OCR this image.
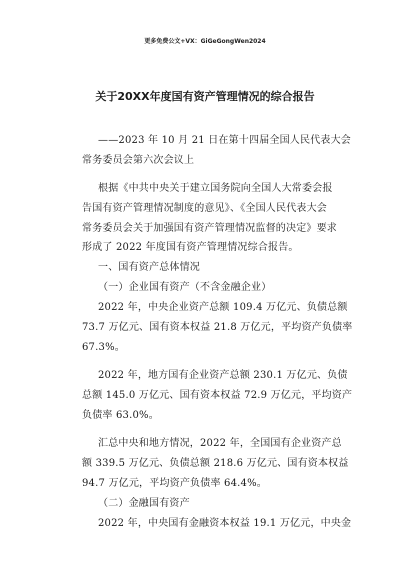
更多免费公文+VX：GiGeGongWen2024
关于20XX年度国有资产管理情况的综合报告
——2023 年 10 月 21 日在第十四届全国人民代表大会
常务委员会第六次会议上
根据《中共中央关于建立国务院向全国人大常委会报
告国有资产管理情况制度的意见》、《全国人民代表大会
常务委员会关于加强国有资产管理情况监督的决定》要求
形成了 2022 年度国有资产管理情况综合报告。
一、国有资产总体情况
（一）企业国有资产（不含金融企业）
2022 年，中央企业资产总额 109.4 万亿元、负债总额
73.7 万亿元、国有资本权益 21.8 万亿元，平均资产负债率
67.3%。
2022 年，地方国有企业资产总额 230.1 万亿元、负债
总额 145.0 万亿元、国有资本权益 72.9 万亿元，平均资产
负债率 63.0%。
汇总中央和地方情况，2022 年，全国国有企业资产总
额 339.5 万亿元、负债总额 218.6 万亿元、国有资本权益
94.7 万亿元，平均资产负债率 64.4%。
（二）金融国有资产
2022 年，中央国有金融资本权益 19.1 万亿元，中央金
